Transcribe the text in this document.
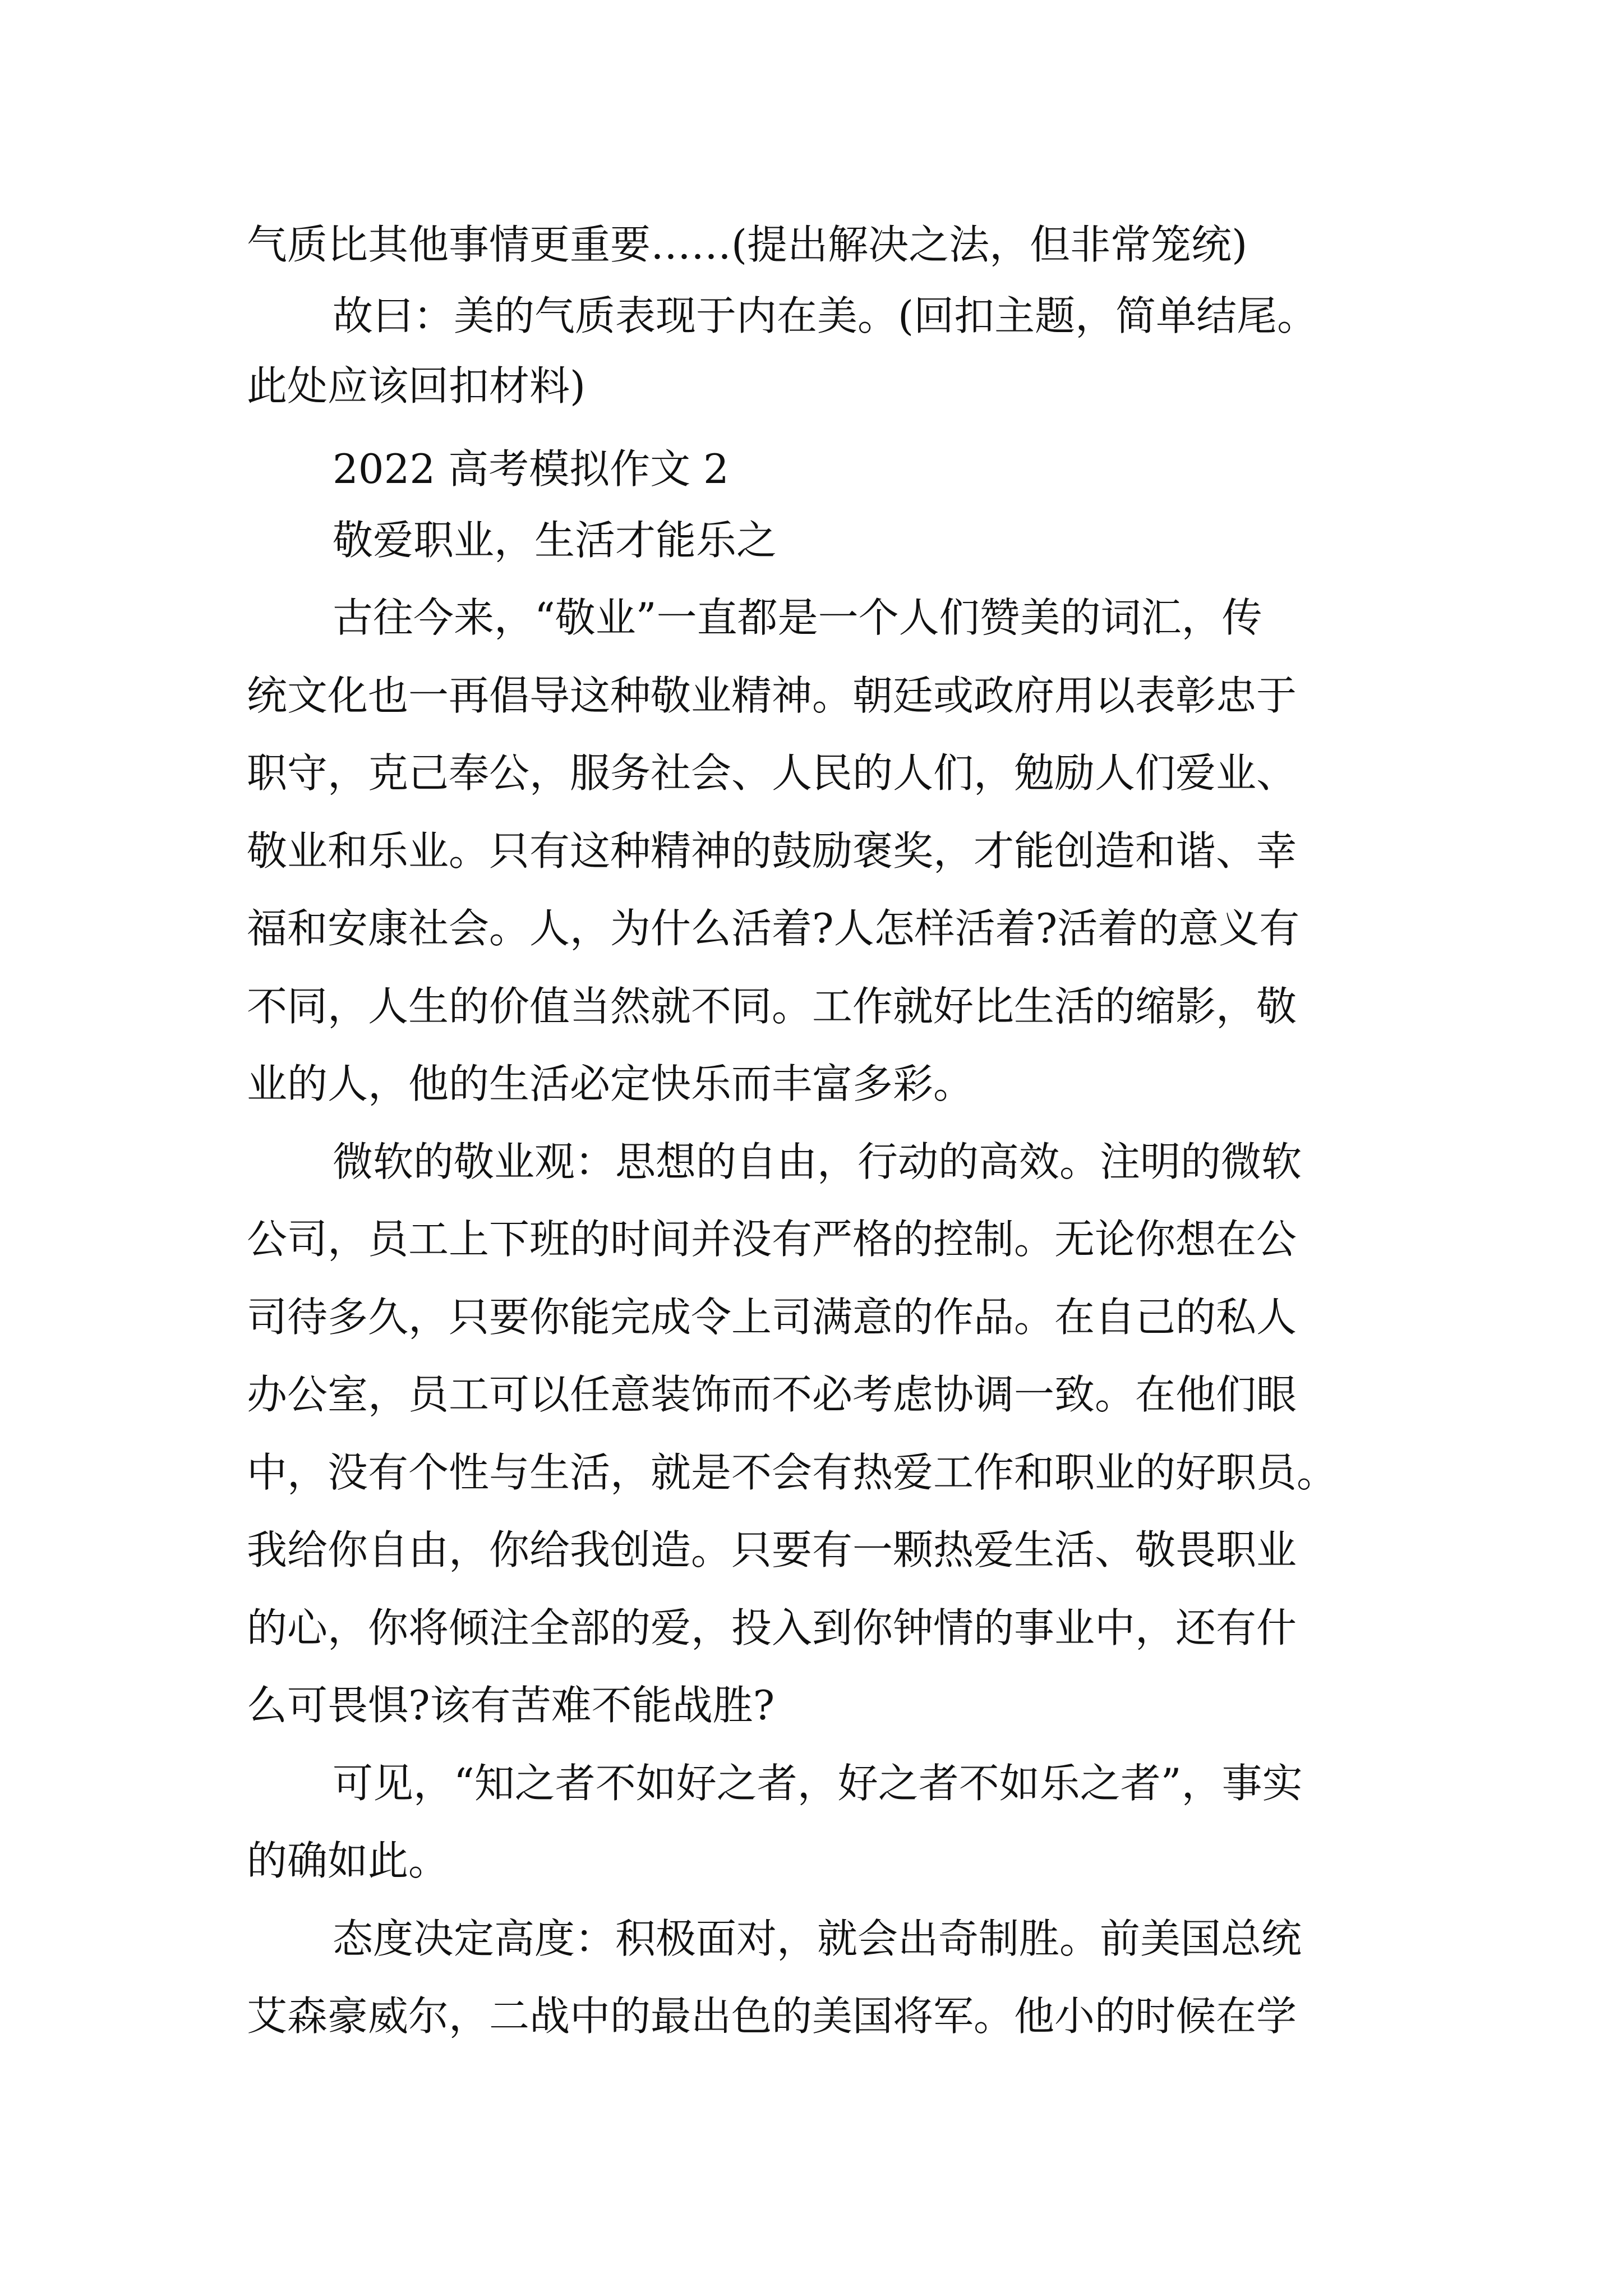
气质比其他事情更重要……(提出解决之法，但非常笼统)
故曰：美的气质表现于内在美。(回扣主题，简单结尾。
此处应该回扣材料)
2022 高考模拟作文 2
敬爱职业，生活才能乐之
古往今来，“敬业”一直都是一个人们赞美的词汇，传
统文化也一再倡导这种敬业精神。朝廷或政府用以表彰忠于
职守，克己奉公，服务社会、人民的人们，勉励人们爱业、
敬业和乐业。只有这种精神的鼓励褒奖，才能创造和谐、幸
福和安康社会。人，为什么活着?人怎样活着?活着的意义有
不同，人生的价值当然就不同。工作就好比生活的缩影，敬
业的人，他的生活必定快乐而丰富多彩。
微软的敬业观：思想的自由，行动的高效。注明的微软
公司，员工上下班的时间并没有严格的控制。无论你想在公
司待多久，只要你能完成令上司满意的作品。在自己的私人
办公室，员工可以任意装饰而不必考虑协调一致。在他们眼
中，没有个性与生活，就是不会有热爱工作和职业的好职员。
我给你自由，你给我创造。只要有一颗热爱生活、敬畏职业
的心，你将倾注全部的爱，投入到你钟情的事业中，还有什
么可畏惧?该有苦难不能战胜?
可见，“知之者不如好之者，好之者不如乐之者”，事实
的确如此。
态度决定高度：积极面对，就会出奇制胜。前美国总统
艾森豪威尔，二战中的最出色的美国将军。他小的时候在学
